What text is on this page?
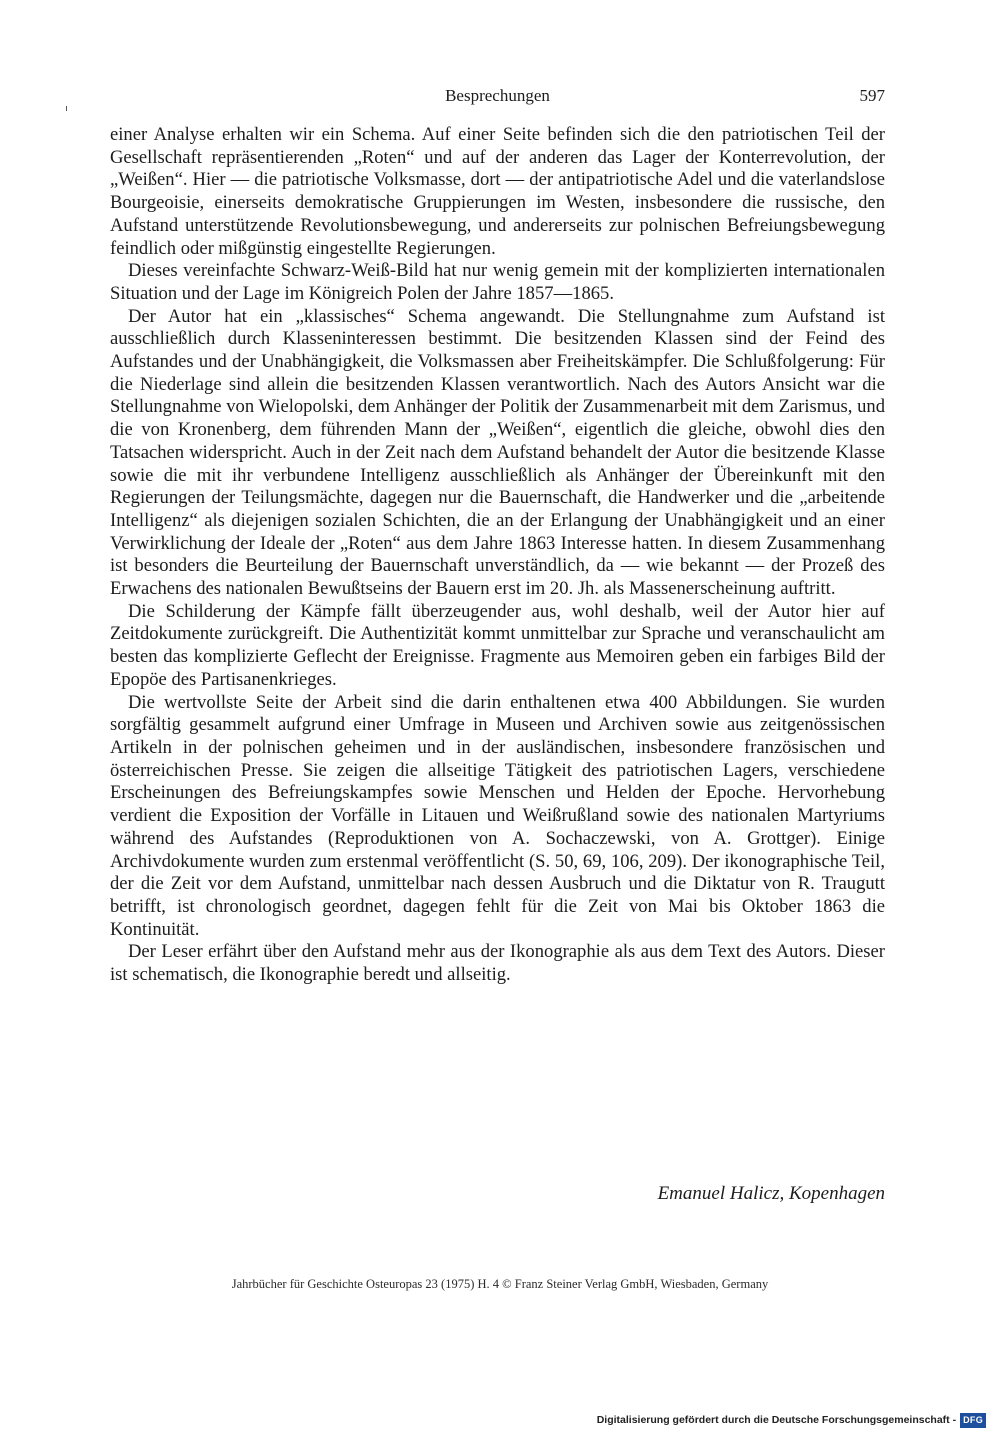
Besprechungen	597

einer Analyse erhalten wir ein Schema. Auf einer Seite befinden sich die den patriotischen Teil der Gesellschaft repräsentierenden „Roten“ und auf der anderen das Lager der Konterrevolution, der „Weißen“. Hier — die patriotische Volksmasse, dort — der antipatriotische Adel und die vaterlandslose Bourgeoisie, einerseits demokratische Gruppierungen im Westen, insbesondere die russische, den Aufstand unterstützende Revolutionsbewegung, und andererseits zur polnischen Befreiungsbewegung feindlich oder mißgünstig eingestellte Regierungen.

Dieses vereinfachte Schwarz-Weiß-Bild hat nur wenig gemein mit der komplizierten internationalen Situation und der Lage im Königreich Polen der Jahre 1857—1865.

Der Autor hat ein „klassisches“ Schema angewandt. Die Stellungnahme zum Aufstand ist ausschließlich durch Klasseninteressen bestimmt. Die besitzenden Klassen sind der Feind des Aufstandes und der Unabhängigkeit, die Volksmassen aber Freiheitskämpfer. Die Schlußfolgerung: Für die Niederlage sind allein die besitzenden Klassen verantwortlich. Nach des Autors Ansicht war die Stellungnahme von Wielopolski, dem Anhänger der Politik der Zusammenarbeit mit dem Zarismus, und die von Kronenberg, dem führenden Mann der „Weißen“, eigentlich die gleiche, obwohl dies den Tatsachen widerspricht. Auch in der Zeit nach dem Aufstand behandelt der Autor die besitzende Klasse sowie die mit ihr verbundene Intelligenz ausschließlich als Anhänger der Übereinkunft mit den Regierungen der Teilungsmächte, dagegen nur die Bauernschaft, die Handwerker und die „arbeitende Intelligenz“ als diejenigen sozialen Schichten, die an der Erlangung der Unabhängigkeit und an einer Verwirklichung der Ideale der „Roten“ aus dem Jahre 1863 Interesse hatten. In diesem Zusammenhang ist besonders die Beurteilung der Bauernschaft unverständlich, da — wie bekannt — der Prozeß des Erwachens des nationalen Bewußtseins der Bauern erst im 20. Jh. als Massenerscheinung auftritt.

Die Schilderung der Kämpfe fällt überzeugender aus, wohl deshalb, weil der Autor hier auf Zeitdokumente zurückgreift. Die Authentizität kommt unmittelbar zur Sprache und veranschaulicht am besten das komplizierte Geflecht der Ereignisse. Fragmente aus Memoiren geben ein farbiges Bild der Epopöe des Partisanenkrieges.

Die wertvollste Seite der Arbeit sind die darin enthaltenen etwa 400 Abbildungen. Sie wurden sorgfältig gesammelt aufgrund einer Umfrage in Museen und Archiven sowie aus zeitgenössischen Artikeln in der polnischen geheimen und in der ausländischen, insbesondere französischen und österreichischen Presse. Sie zeigen die allseitige Tätigkeit des patriotischen Lagers, verschiedene Erscheinungen des Befreiungskampfes sowie Menschen und Helden der Epoche. Hervorhebung verdient die Exposition der Vorfälle in Litauen und Weißrußland sowie des nationalen Martyriums während des Aufstandes (Reproduktionen von A. Sochaczewski, von A. Grottger). Einige Archivdokumente wurden zum erstenmal veröffentlicht (S. 50, 69, 106, 209). Der ikonographische Teil, der die Zeit vor dem Aufstand, unmittelbar nach dessen Ausbruch und die Diktatur von R. Traugutt betrifft, ist chronologisch geordnet, dagegen fehlt für die Zeit von Mai bis Oktober 1863 die Kontinuität.

Der Leser erfährt über den Aufstand mehr aus der Ikonographie als aus dem Text des Autors. Dieser ist schematisch, die Ikonographie beredt und allseitig.

Emanuel Halicz, Kopenhagen
Jahrbücher für Geschichte Osteuropas 23 (1975) H. 4 © Franz Steiner Verlag GmbH, Wiesbaden, Germany
Digitalisierung gefördert durch die Deutsche Forschungsgemeinschaft - DFG
